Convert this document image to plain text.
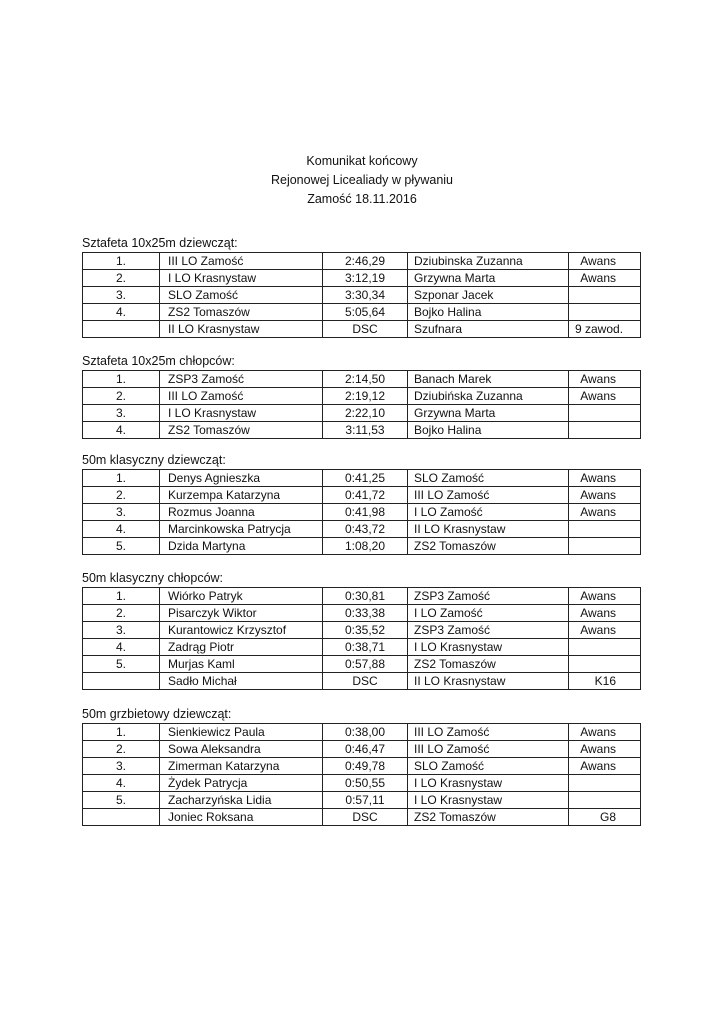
Komunikat końcowy
Rejonowej Licealiady w pływaniu
Zamość 18.11.2016
Sztafeta 10x25m dziewcząt:
1.	III LO Zamość	2:46,29	Dziubinska Zuzanna	Awans
2.	I LO Krasnystaw	3:12,19	Grzywna Marta	Awans
3.	SLO Zamość	3:30,34	Szponar Jacek	
4.	ZS2 Tomaszów	5:05,64	Bojko Halina	
	II LO Krasnystaw	DSC	Szufnara	9 zawod.
Sztafeta 10x25m chłopców:
1.	ZSP3 Zamość	2:14,50	Banach Marek	Awans
2.	III LO Zamość	2:19,12	Dziubińska Zuzanna	Awans
3.	I LO Krasnystaw	2:22,10	Grzywna Marta	
4.	ZS2 Tomaszów	3:11,53	Bojko Halina	
50m klasyczny dziewcząt:
1.	Denys Agnieszka	0:41,25	SLO Zamość	Awans
2.	Kurzempa Katarzyna	0:41,72	III LO Zamość	Awans
3.	Rozmus Joanna	0:41,98	I LO Zamość	Awans
4.	Marcinkowska Patrycja	0:43,72	II LO Krasnystaw	
5.	Dzida Martyna	1:08,20	ZS2 Tomaszów	
50m klasyczny chłopców:
1.	Wiórko Patryk	0:30,81	ZSP3 Zamość	Awans
2.	Pisarczyk Wiktor	0:33,38	I LO Zamość	Awans
3.	Kurantowicz Krzysztof	0:35,52	ZSP3 Zamość	Awans
4.	Zadrąg Piotr	0:38,71	I LO Krasnystaw	
5.	Murjas Kaml	0:57,88	ZS2 Tomaszów	
	Sadło Michał	DSC	II LO Krasnystaw	K16
50m grzbietowy dziewcząt:
1.	Sienkiewicz Paula	0:38,00	III LO Zamość	Awans
2.	Sowa Aleksandra	0:46,47	III LO Zamość	Awans
3.	Zimerman Katarzyna	0:49,78	SLO Zamość	Awans
4.	Żydek Patrycja	0:50,55	I LO Krasnystaw	
5.	Zacharzyńska Lidia	0:57,11	I LO Krasnystaw	
	Joniec Roksana	DSC	ZS2 Tomaszów	G8
